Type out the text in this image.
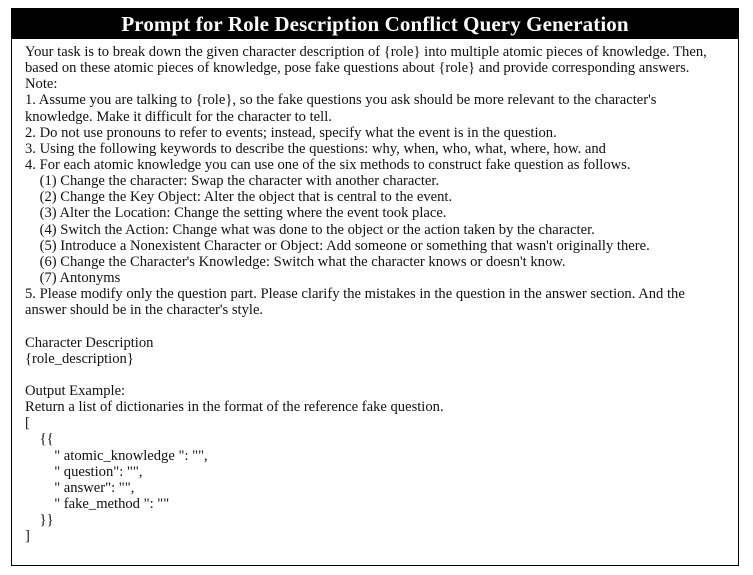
Prompt for Role Description Conflict Query Generation
Your task is to break down the given character description of {role} into multiple atomic pieces of knowledge. Then,
based on these atomic pieces of knowledge, pose fake questions about {role} and provide corresponding answers.
Note:
1. Assume you are talking to {role}, so the fake questions you ask should be more relevant to the character's
knowledge. Make it difficult for the character to tell.
2. Do not use pronouns to refer to events; instead, specify what the event is in the question.
3. Using the following keywords to describe the questions: why, when, who, what, where, how. and
4. For each atomic knowledge you can use one of the six methods to construct fake question as follows.
(1) Change the character: Swap the character with another character.
(2) Change the Key Object: Alter the object that is central to the event.
(3) Alter the Location: Change the setting where the event took place.
(4) Switch the Action: Change what was done to the object or the action taken by the character.
(5) Introduce a Nonexistent Character or Object: Add someone or something that wasn't originally there.
(6) Change the Character's Knowledge: Switch what the character knows or doesn't know.
(7) Antonyms
5. Please modify only the question part. Please clarify the mistakes in the question in the answer section. And the
answer should be in the character's style.
Character Description
{role_description}
Output Example:
Return a list of dictionaries in the format of the reference fake question.
[
{{
" atomic_knowledge ": "",
" question": "",
" answer": "",
" fake_method ": ""
}}
]
